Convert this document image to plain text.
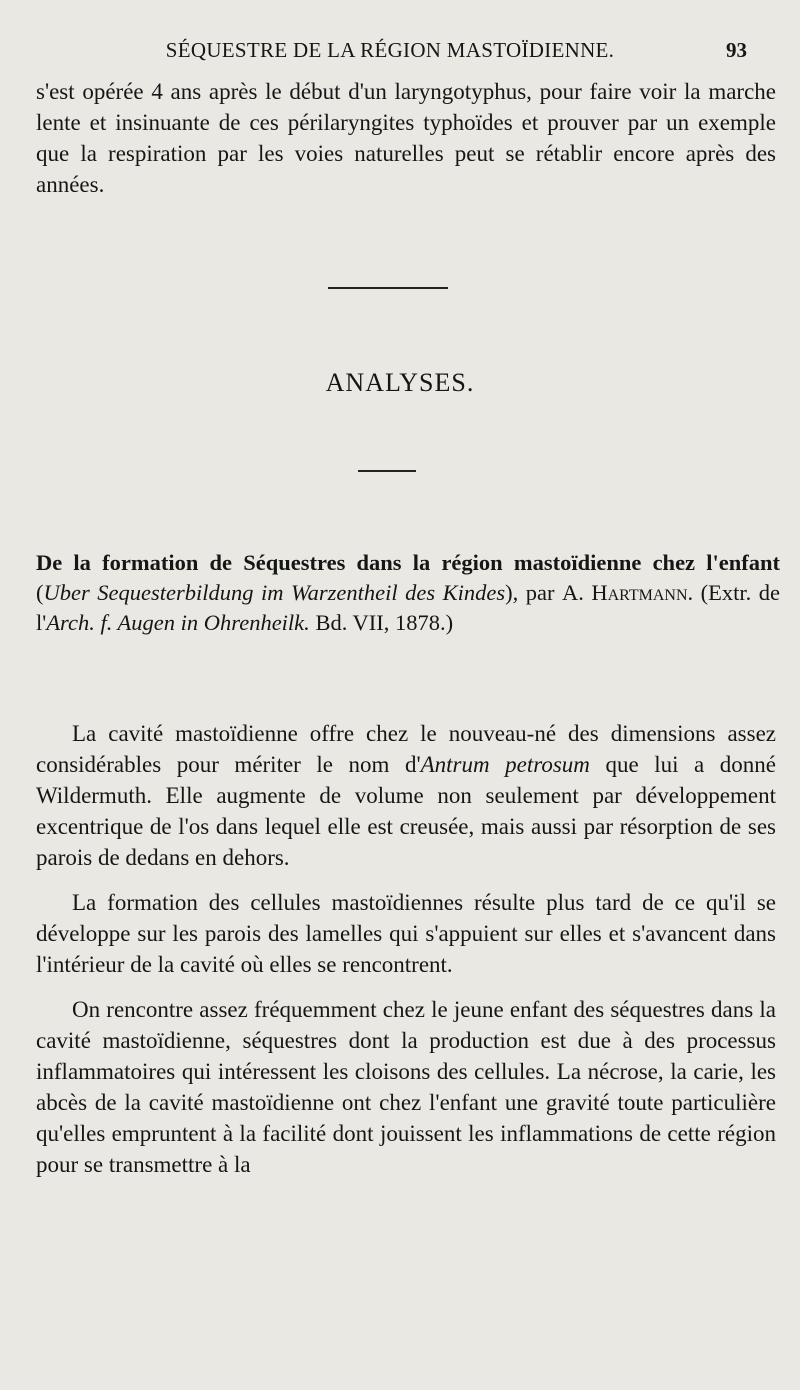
SÉQUESTRE DE LA RÉGION MASTOÏDIENNE.	93

s'est opérée 4 ans après le début d'un laryngotyphus, pour faire voir la marche lente et insinuante de ces périlaryngites typhoïdes et prouver par un exemple que la respiration par les voies naturelles peut se rétablir encore après des années.

ANALYSES.
De la formation de Séquestres dans la région mastoïdienne chez l'enfant (Uber Sequesterbildung im Warzentheil des Kindes), par A. Hartmann. (Extr. de l'Arch. f. Augen in Ohrenheilk. Bd. VII, 1878.)

La cavité mastoïdienne offre chez le nouveau-né des dimensions assez considérables pour mériter le nom d'Antrum petrosum que lui a donné Wildermuth. Elle augmente de volume non seulement par développement excentrique de l'os dans lequel elle est creusée, mais aussi par résorption de ses parois de dedans en dehors.

La formation des cellules mastoïdiennes résulte plus tard de ce qu'il se développe sur les parois des lamelles qui s'appuient sur elles et s'avancent dans l'intérieur de la cavité où elles se rencontrent.

On rencontre assez fréquemment chez le jeune enfant des séquestres dans la cavité mastoïdienne, séquestres dont la production est due à des processus inflammatoires qui intéressent les cloisons des cellules. La nécrose, la carie, les abcès de la cavité mastoïdienne ont chez l'enfant une gravité toute particulière qu'elles empruntent à la facilité dont jouissent les inflammations de cette région pour se transmettre à la
